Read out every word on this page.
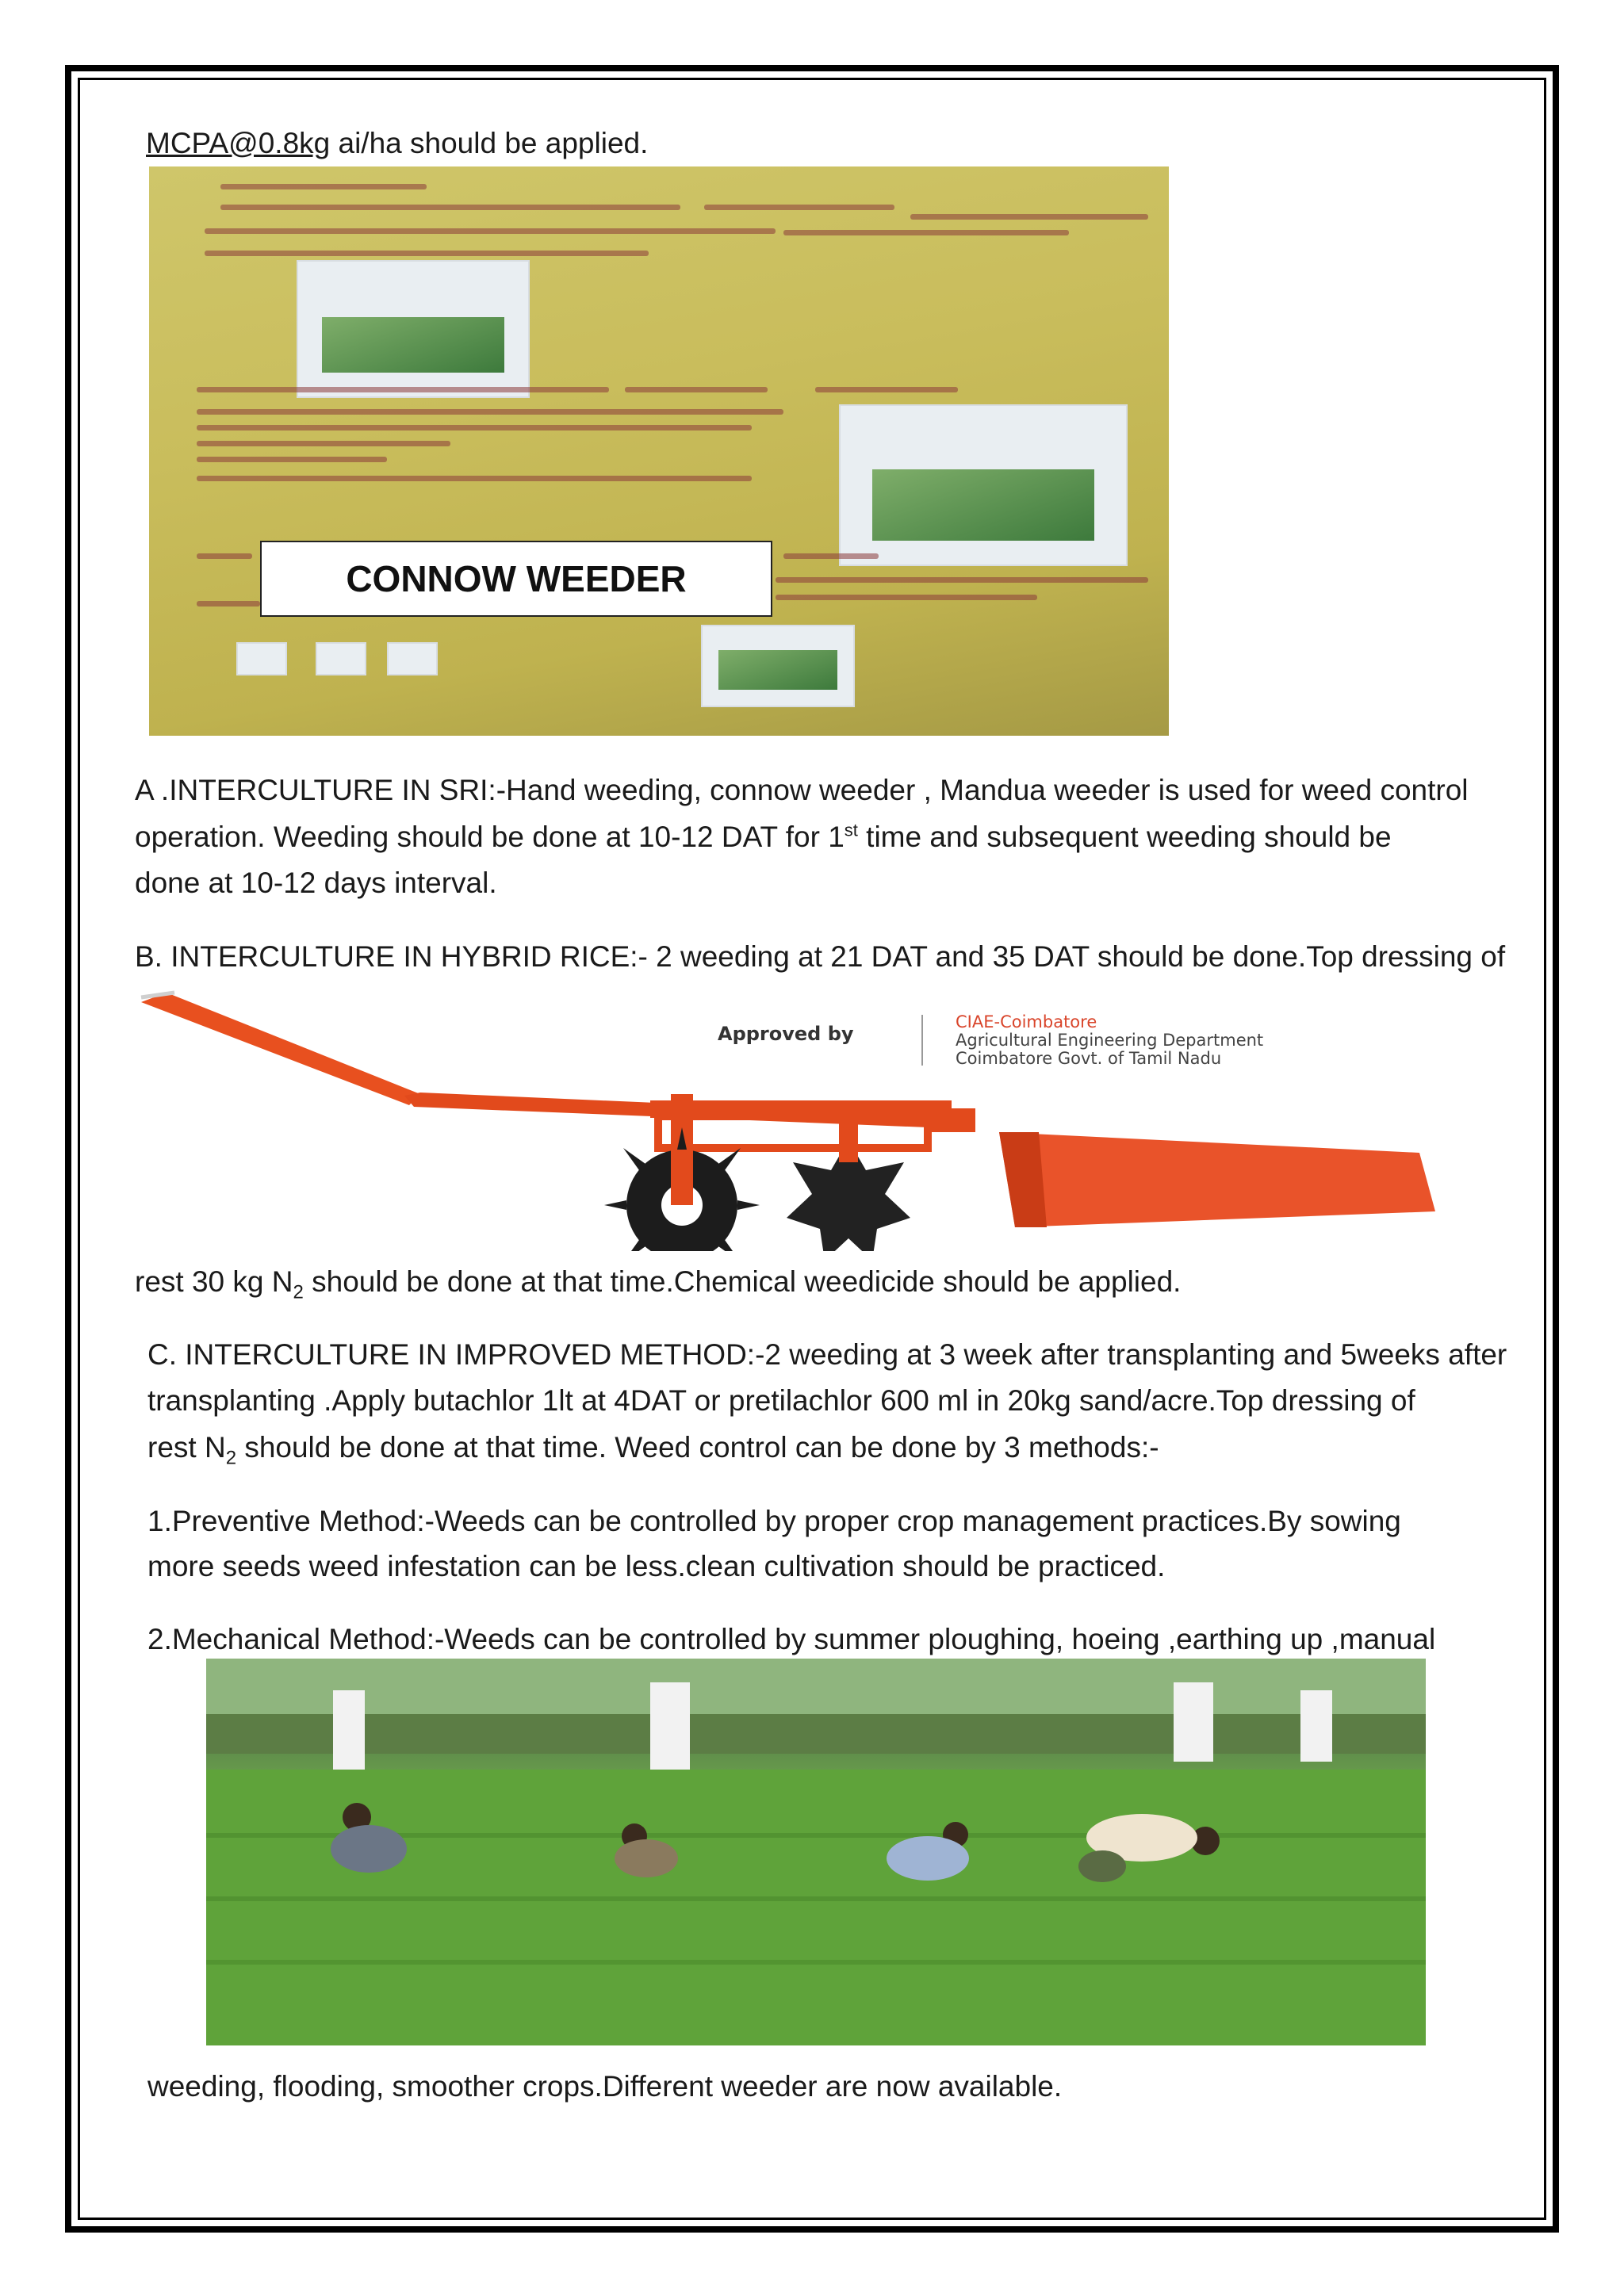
MCPA@0.8kg ai/ha should be applied.
CONNOW WEEDER
A .INTERCULTURE IN SRI:-Hand weeding, connow weeder , Mandua weeder is used for weed control
operation. Weeding should be done at 10-12 DAT for 1st time and subsequent weeding should be
done at 10-12 days interval.
B. INTERCULTURE IN HYBRID RICE:- 2 weeding at 21 DAT and 35 DAT should be done.Top dressing of
Approved by
CIAE-Coimbatore
Agricultural Engineering Department
Coimbatore Govt. of Tamil Nadu
rest 30 kg $N_2$ should be done at that time.Chemical weedicide should be applied.
C. INTERCULTURE IN IMPROVED METHOD:-2 weeding at 3 week after transplanting and 5weeks after
transplanting .Apply butachlor 1lt at 4DAT or pretilachlor 600 ml in 20kg sand/acre.Top dressing of
rest $N_2$ should be done at that time. Weed control can be done by 3 methods:-
1.Preventive Method:-Weeds can be controlled by proper crop management practices.By sowing
more seeds weed infestation can be less.clean cultivation should be practiced.
2.Mechanical Method:-Weeds can be controlled by summer ploughing, hoeing ,earthing up ,manual
weeding, flooding, smoother crops.Different weeder are now available.
